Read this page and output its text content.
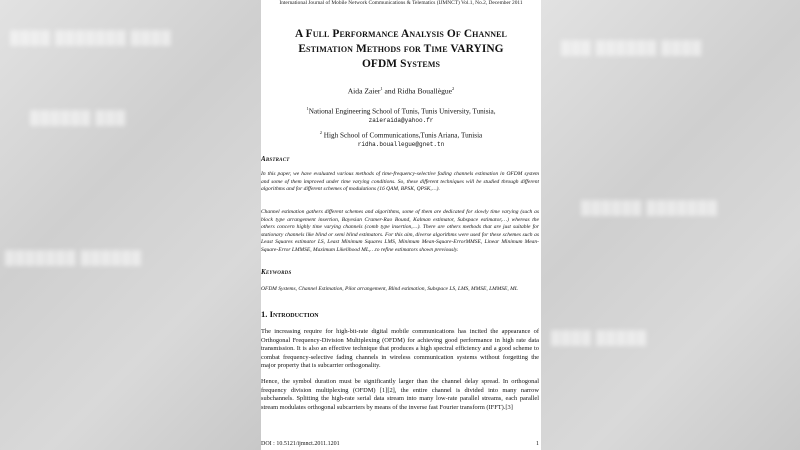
████ ███████ ████
██████ ███
███████ ██████
███ ██████ ████
██████ ███████
████ █████
International Journal of Mobile Network Communications & Telematics (IJMNCT) Vol.1, No.2, December 2011
A Full Performance Analysis Of Channel
Estimation Methods for Time VARYING
OFDM Systems
Aida Zaier$^1$ and Ridha Bouallègue$^2$
$^1$National Engineering School of Tunis, Tunis University, Tunisia,
zaieraida@yahoo.fr
$^2$ High School of Communications,Tunis Ariana, Tunisia
ridha.bouallegue@gnet.tn
Abstract
In this paper, we have evaluated various methods of time-frequency-selective fading channels estimation in OFDM system and some of them improved under time varying conditions. So, these different techniques will be studied through different algorithms and for different schemes of modulations (16 QAM, BPSK, QPSK,…).
Channel estimation gathers different schemes and algorithms, some of them are dedicated for slowly time varying (such as block type arrangement insertion, Bayesian Cramer-Rao Bound, Kalman estimator, Subspace estimator,…) whereas the others concern highly time varying channels (comb type insertion,…). There are others methods that are just suitable for stationary channels like blind or semi blind estimators. For this aim, diverse algorithms were used for these schemes such as Least Squares estimator LS, Least Minimum Squares LMS, Minimum Mean-Square-ErrorMMSE, Linear Minimum Mean-Square-Error LMMSE, Maximum Likelihood ML,…to refine estimators shown previously.
Keywords
OFDM Systems, Channel Estimation, Pilot arrangement, Blind estimation, Subspace LS, LMS, MMSE, LMMSE, ML
1. Introduction
The increasing require for high-bit-rate digital mobile communications has incited the appearance of Orthogonal Frequency-Division Multiplexing (OFDM) for achieving good performance in high rate data transmission. It is also an effective technique that produces a high spectral efficiency and a good scheme to combat frequency-selective fading channels in wireless communication systems without forgetting the major property that is subcarrier orthogonality.
Hence, the symbol duration must be significantly larger than the channel delay spread. In orthogonal frequency division multiplexing (OFDM) [1][2], the entire channel is divided into many narrow subchannels. Splitting the high-rate serial data stream into many low-rate parallel streams, each parallel stream modulates orthogonal subcarriers by means of the inverse fast Fourier transform (IFFT).[3]
DOI : 10.5121/ijmnct.2011.1201	1
